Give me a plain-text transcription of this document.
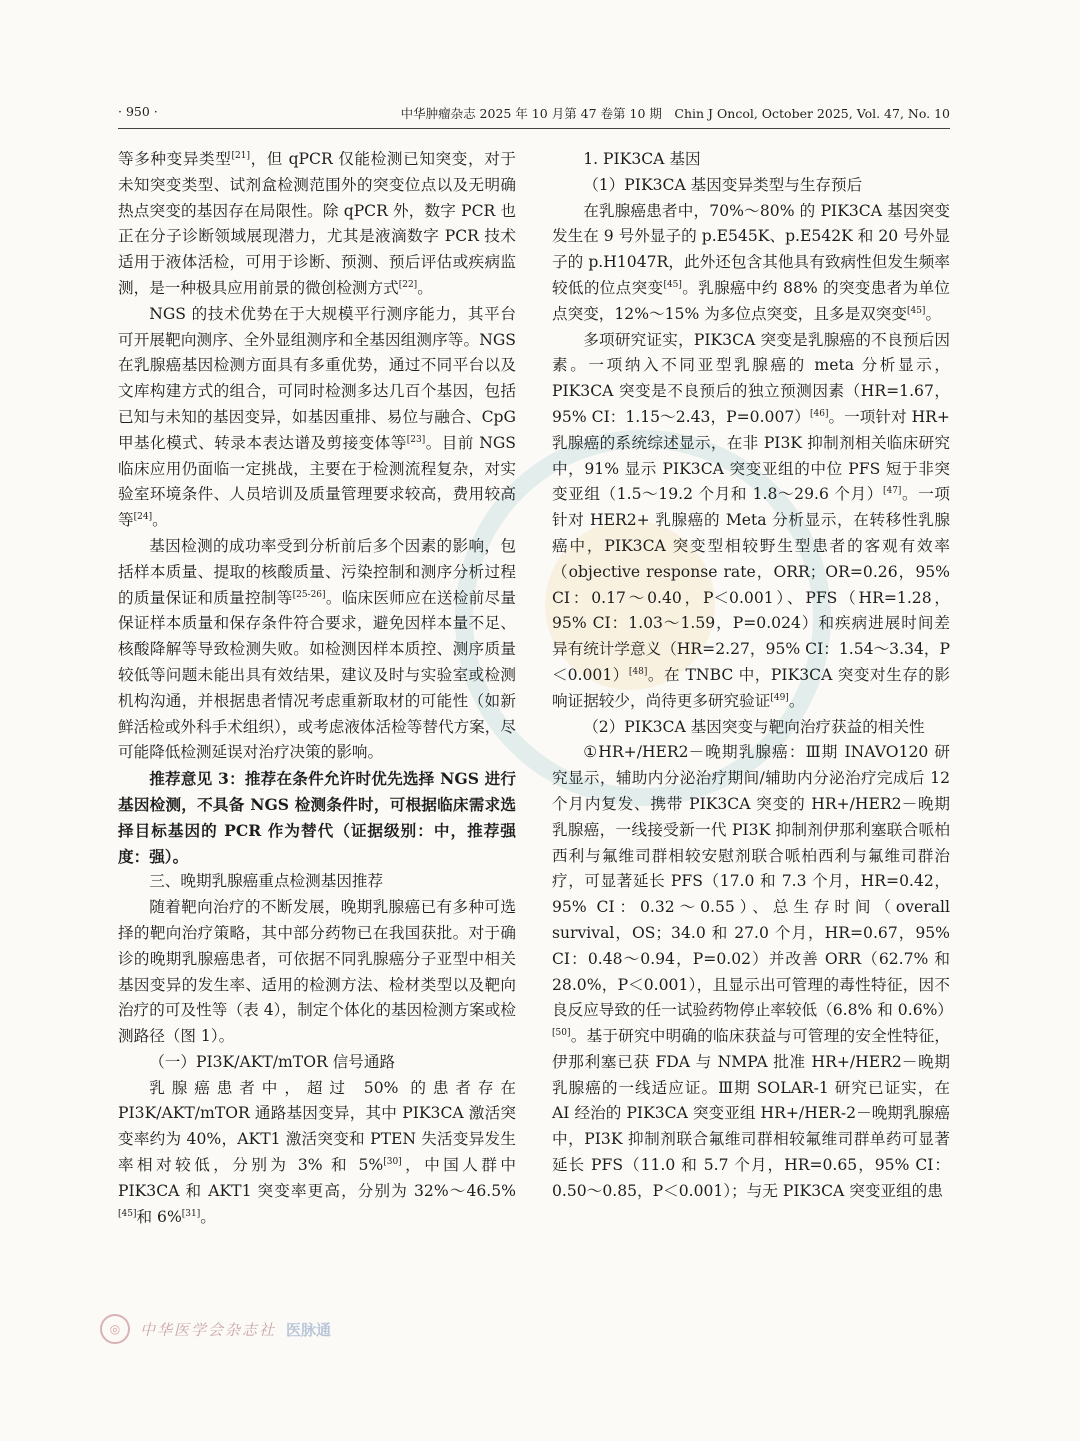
· 950 ·	中华肿瘤杂志 2025 年 10 月第 47 卷第 10 期　Chin J Oncol, October 2025, Vol. 47, No. 10

等多种变异类型[21]，但 qPCR 仅能检测已知突变，对于未知突变类型、试剂盒检测范围外的突变位点以及无明确热点突变的基因存在局限性。除 qPCR 外，数字 PCR 也正在分子诊断领域展现潜力，尤其是液滴数字 PCR 技术适用于液体活检，可用于诊断、预测、预后评估或疾病监测，是一种极具应用前景的微创检测方式[22]。

NGS 的技术优势在于大规模平行测序能力，其平台可开展靶向测序、全外显组测序和全基因组测序等。NGS 在乳腺癌基因检测方面具有多重优势，通过不同平台以及文库构建方式的组合，可同时检测多达几百个基因，包括已知与未知的基因变异，如基因重排、易位与融合、CpG 甲基化模式、转录本表达谱及剪接变体等[23]。目前 NGS 临床应用仍面临一定挑战，主要在于检测流程复杂，对实验室环境条件、人员培训及质量管理要求较高，费用较高等[24]。

基因检测的成功率受到分析前后多个因素的影响，包括样本质量、提取的核酸质量、污染控制和测序分析过程的质量保证和质量控制等[25-26]。临床医师应在送检前尽量保证样本质量和保存条件符合要求，避免因样本量不足、核酸降解等导致检测失败。如检测因样本质控、测序质量较低等问题未能出具有效结果，建议及时与实验室或检测机构沟通，并根据患者情况考虑重新取材的可能性（如新鲜活检或外科手术组织），或考虑液体活检等替代方案，尽可能降低检测延误对治疗决策的影响。

推荐意见 3：推荐在条件允许时优先选择 NGS 进行基因检测，不具备 NGS 检测条件时，可根据临床需求选择目标基因的 PCR 作为替代（证据级别：中，推荐强度：强）。

三、晚期乳腺癌重点检测基因推荐

随着靶向治疗的不断发展，晚期乳腺癌已有多种可选择的靶向治疗策略，其中部分药物已在我国获批。对于确诊的晚期乳腺癌患者，可依据不同乳腺癌分子亚型中相关基因变异的发生率、适用的检测方法、检材类型以及靶向治疗的可及性等（表 4），制定个体化的基因检测方案或检测路径（图 1）。

（一）PI3K/AKT/mTOR 信号通路

乳腺癌患者中，超过 50% 的患者存在 PI3K/AKT/mTOR 通路基因变异，其中 PIK3CA 激活突变率约为 40%，AKT1 激活突变和 PTEN 失活变异发生率相对较低，分别为 3% 和 5%[30]，中国人群中 PIK3CA 和 AKT1 突变率更高，分别为 32%～46.5%[45]和 6%[31]。

1. PIK3CA 基因

（1）PIK3CA 基因变异类型与生存预后

在乳腺癌患者中，70%～80% 的 PIK3CA 基因突变发生在 9 号外显子的 p.E545K、p.E542K 和 20 号外显子的 p.H1047R，此外还包含其他具有致病性但发生频率较低的位点突变[45]。乳腺癌中约 88% 的突变患者为单位点突变，12%～15% 为多位点突变，且多是双突变[45]。

多项研究证实，PIK3CA 突变是乳腺癌的不良预后因素。一项纳入不同亚型乳腺癌的 meta 分析显示，PIK3CA 突变是不良预后的独立预测因素（HR=1.67，95% CI：1.15～2.43，P=0.007）[46]。一项针对 HR+ 乳腺癌的系统综述显示，在非 PI3K 抑制剂相关临床研究中，91% 显示 PIK3CA 突变亚组的中位 PFS 短于非突变亚组（1.5～19.2 个月和 1.8～29.6 个月）[47]。一项针对 HER2+ 乳腺癌的 Meta 分析显示，在转移性乳腺癌中，PIK3CA 突变型相较野生型患者的客观有效率（objective response rate，ORR；OR=0.26，95% CI：0.17～0.40，P＜0.001）、PFS（HR=1.28，95% CI：1.03～1.59，P=0.024）和疾病进展时间差异有统计学意义（HR=2.27，95% CI：1.54～3.34，P＜0.001）[48]。在 TNBC 中，PIK3CA 突变对生存的影响证据较少，尚待更多研究验证[49]。

（2）PIK3CA 基因突变与靶向治疗获益的相关性

①HR+/HER2－晚期乳腺癌：Ⅲ期 INAVO120 研究显示，辅助内分泌治疗期间/辅助内分泌治疗完成后 12 个月内复发、携带 PIK3CA 突变的 HR+/HER2－晚期乳腺癌，一线接受新一代 PI3K 抑制剂伊那利塞联合哌柏西利与氟维司群相较安慰剂联合哌柏西利与氟维司群治疗，可显著延长 PFS（17.0 和 7.3 个月，HR=0.42，95% CI：0.32～0.55）、总生存时间（overall survival，OS；34.0 和 27.0 个月，HR=0.67，95% CI：0.48～0.94，P=0.02）并改善 ORR（62.7% 和 28.0%，P＜0.001），且显示出可管理的毒性特征，因不良反应导致的任一试验药物停止率较低（6.8% 和 0.6%）[50]。基于研究中明确的临床获益与可管理的安全性特征，伊那利塞已获 FDA 与 NMPA 批准 HR+/HER2－晚期乳腺癌的一线适应证。Ⅲ期 SOLAR-1 研究已证实，在 AI 经治的 PIK3CA 突变亚组 HR+/HER-2－晚期乳腺癌中，PI3K 抑制剂联合氟维司群相较氟维司群单药可显著延长 PFS（11.0 和 5.7 个月，HR=0.65，95% CI：0.50～0.85，P＜0.001）；与无 PIK3CA 突变亚组的患

◎	中华医学会杂志社 医脉通
